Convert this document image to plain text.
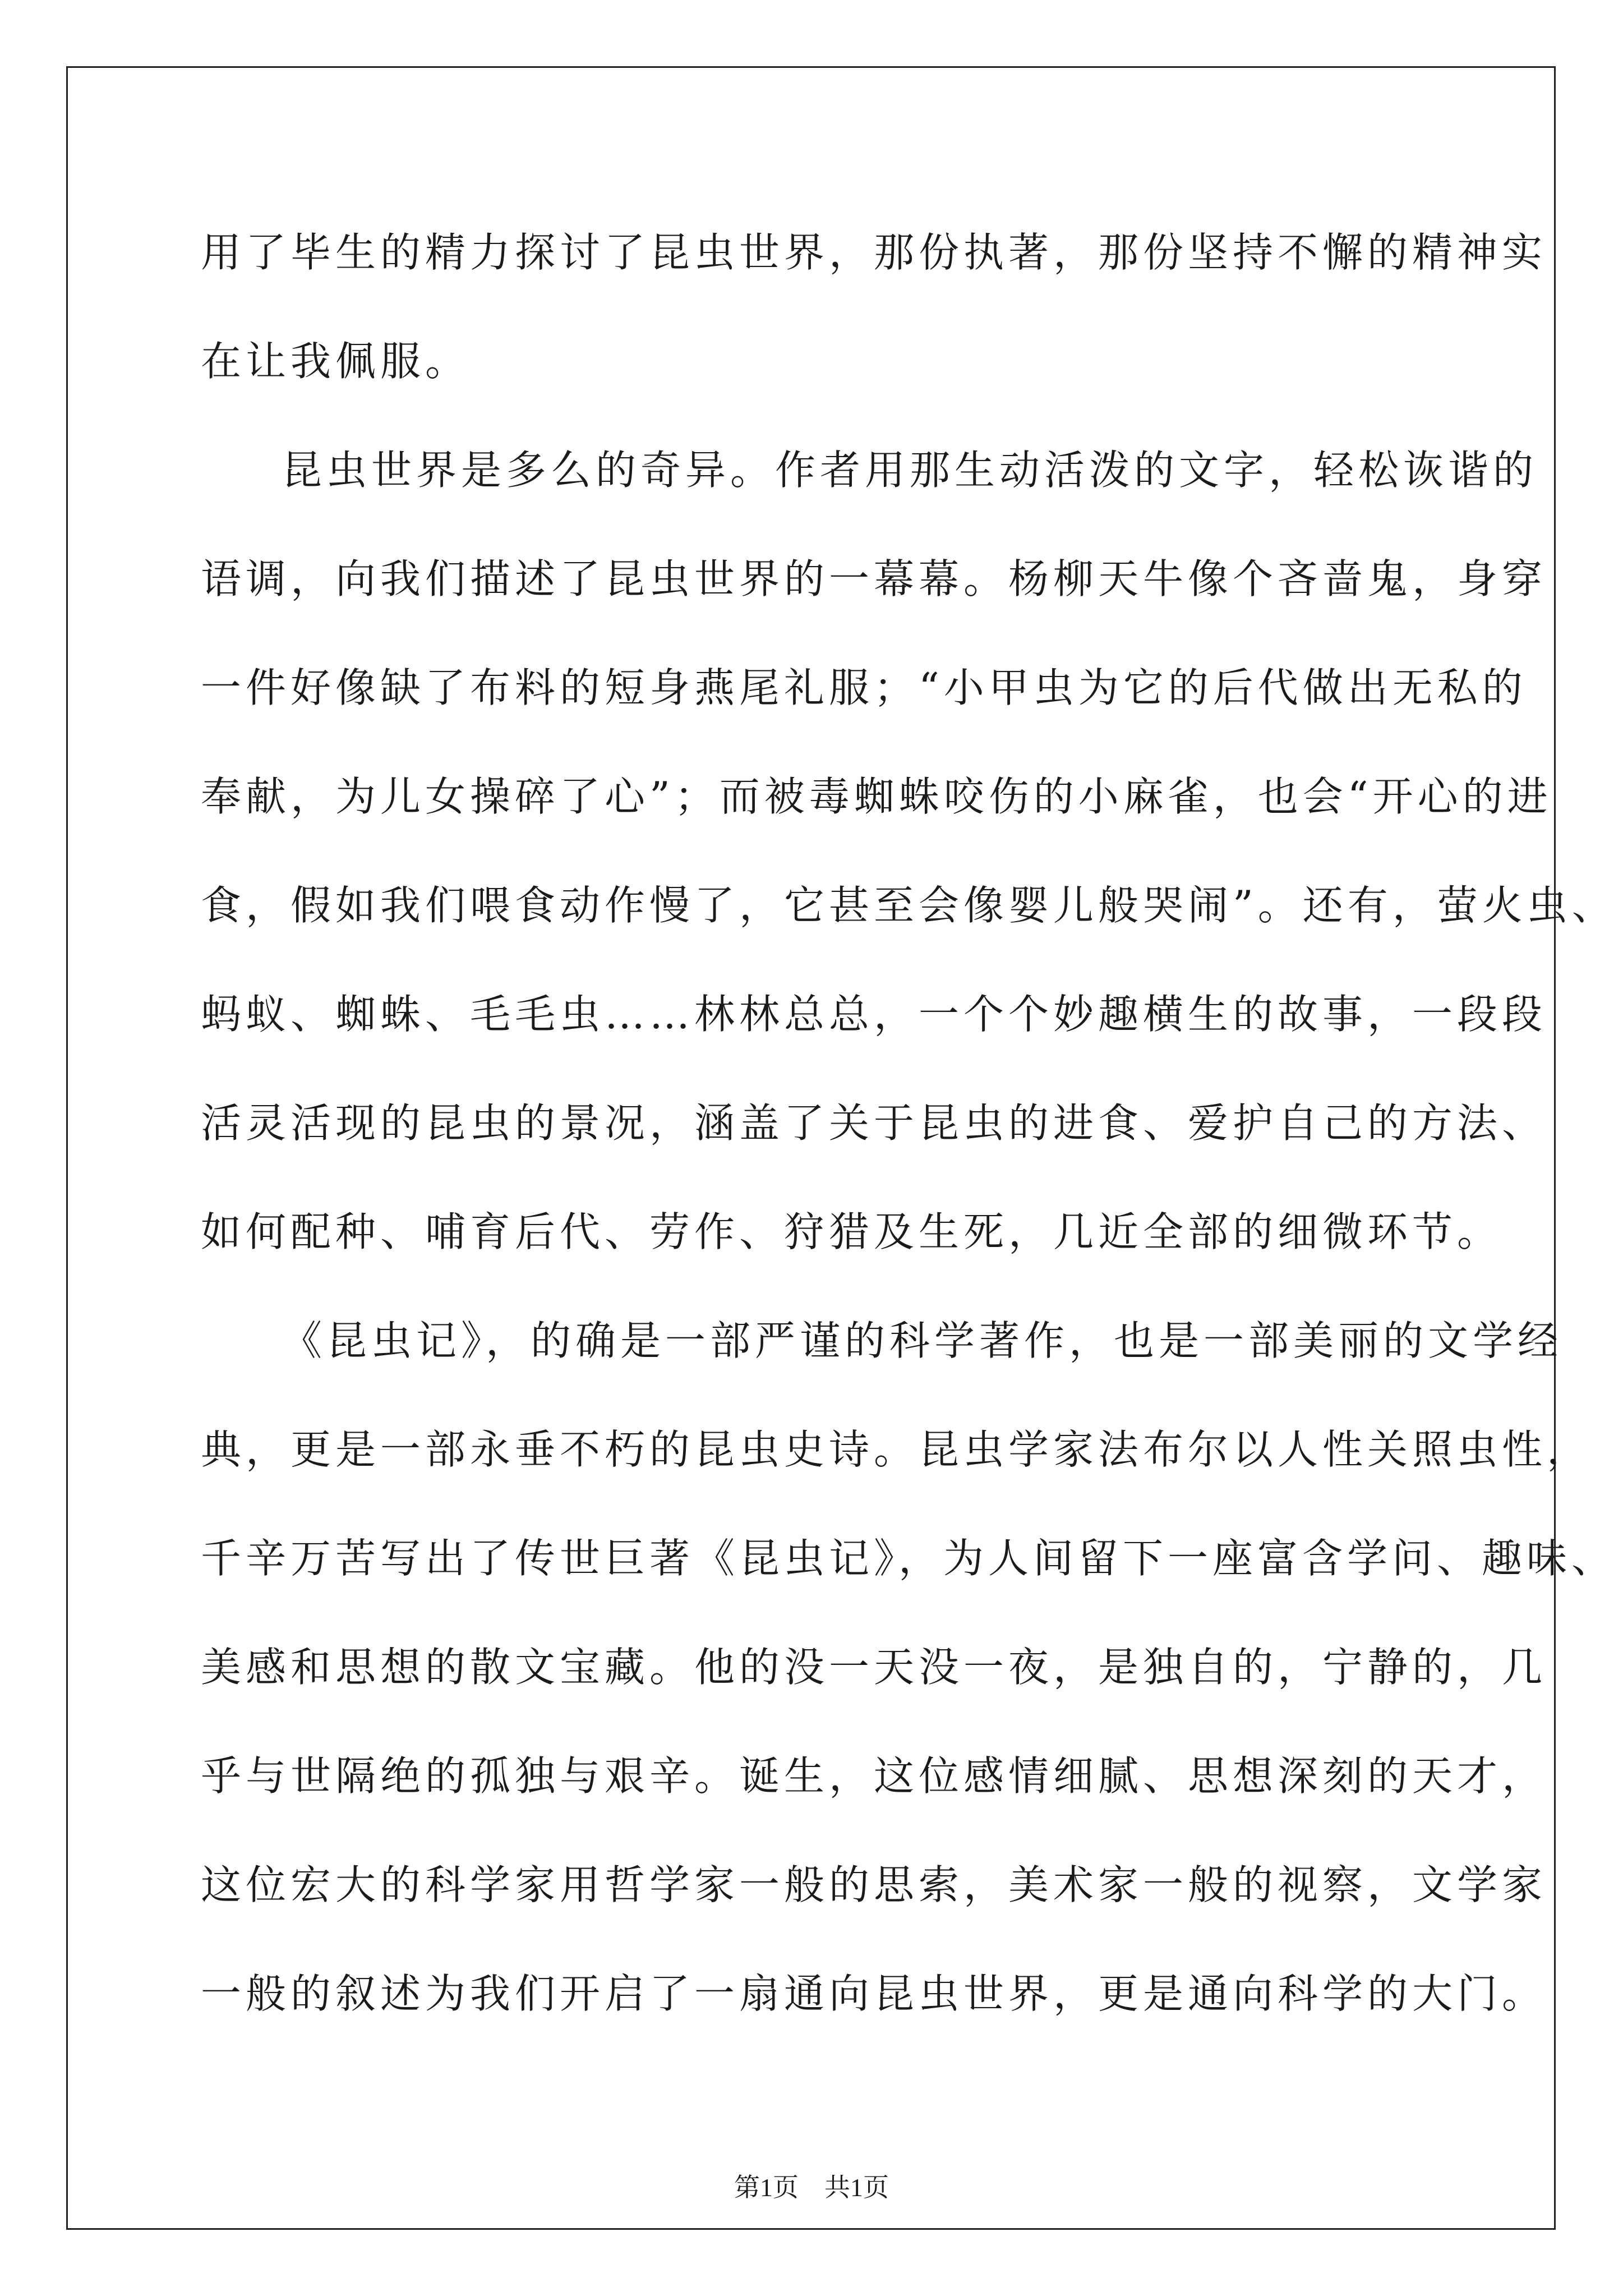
用了毕生的精力探讨了昆虫世界，那份执著，那份坚持不懈的精神实
在让我佩服。
昆虫世界是多么的奇异。作者用那生动活泼的文字，轻松诙谐的
语调，向我们描述了昆虫世界的一幕幕。杨柳天牛像个吝啬鬼，身穿
一件好像缺了布料的短身燕尾礼服；“小甲虫为它的后代做出无私的
奉献，为儿女操碎了心”；而被毒蜘蛛咬伤的小麻雀，也会“开心的进
食，假如我们喂食动作慢了，它甚至会像婴儿般哭闹”。还有，萤火虫、
蚂蚁、蜘蛛、毛毛虫……林林总总，一个个妙趣横生的故事，一段段
活灵活现的昆虫的景况，涵盖了关于昆虫的进食、爱护自己的方法、
如何配种、哺育后代、劳作、狩猎及生死，几近全部的细微环节。
《昆虫记》，的确是一部严谨的科学著作，也是一部美丽的文学经
典，更是一部永垂不朽的昆虫史诗。昆虫学家法布尔以人性关照虫性，
千辛万苦写出了传世巨著《昆虫记》，为人间留下一座富含学问、趣味、
美感和思想的散文宝藏。他的没一天没一夜，是独自的，宁静的，几
乎与世隔绝的孤独与艰辛。诞生，这位感情细腻、思想深刻的天才，
这位宏大的科学家用哲学家一般的思索，美术家一般的视察，文学家
一般的叙述为我们开启了一扇通向昆虫世界，更是通向科学的大门。
第1页 共1页
